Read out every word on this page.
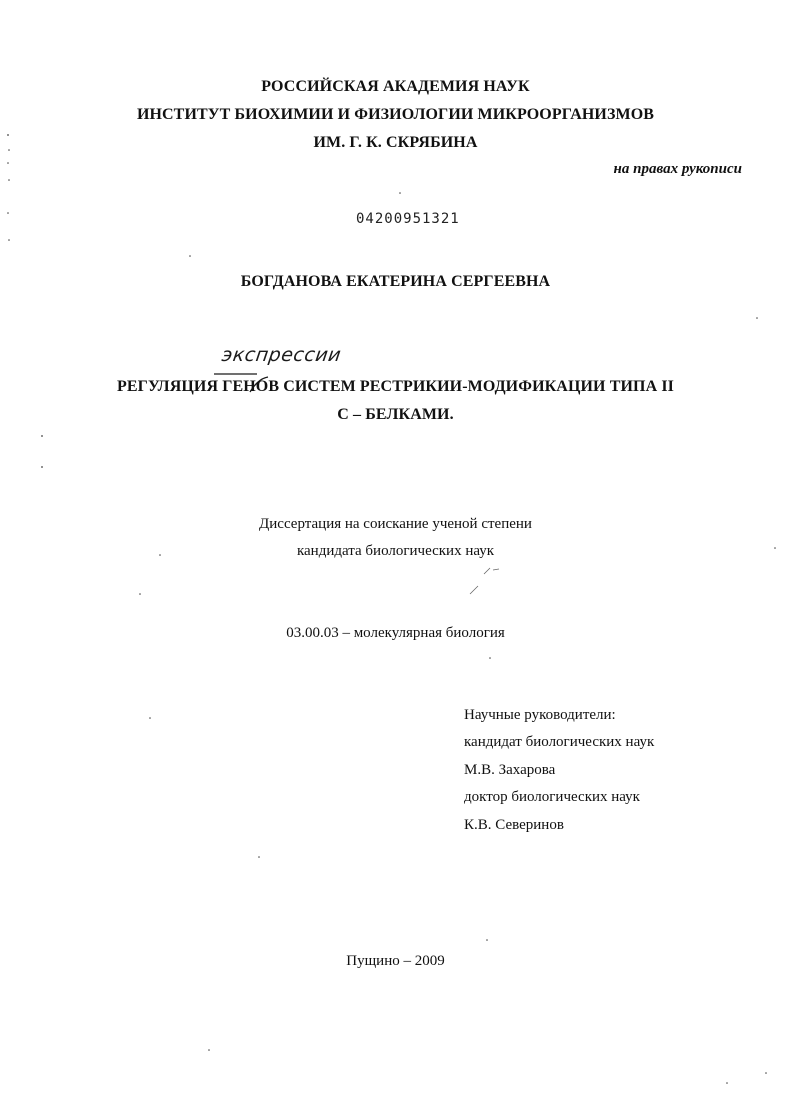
РОССИЙСКАЯ АКАДЕМИЯ НАУК
ИНСТИТУТ БИОХИМИИ И ФИЗИОЛОГИИ МИКРООРГАНИЗМОВ
ИМ. Г. К. СКРЯБИНА
на правах рукописи
04200951321
БОГДАНОВА ЕКАТЕРИНА СЕРГЕЕВНА
экспрессии
РЕГУЛЯЦИЯ ГЕНОВ СИСТЕМ РЕСТРИКИИ-МОДИФИКАЦИИ ТИПА II
С – БЕЛКАМИ.
Диссертация на соискание ученой степени
кандидата биологических наук
03.00.03 – молекулярная биология
Научные руководители:
кандидат биологических наук
М.В. Захарова
доктор биологических наук
К.В. Северинов
Пущино – 2009
